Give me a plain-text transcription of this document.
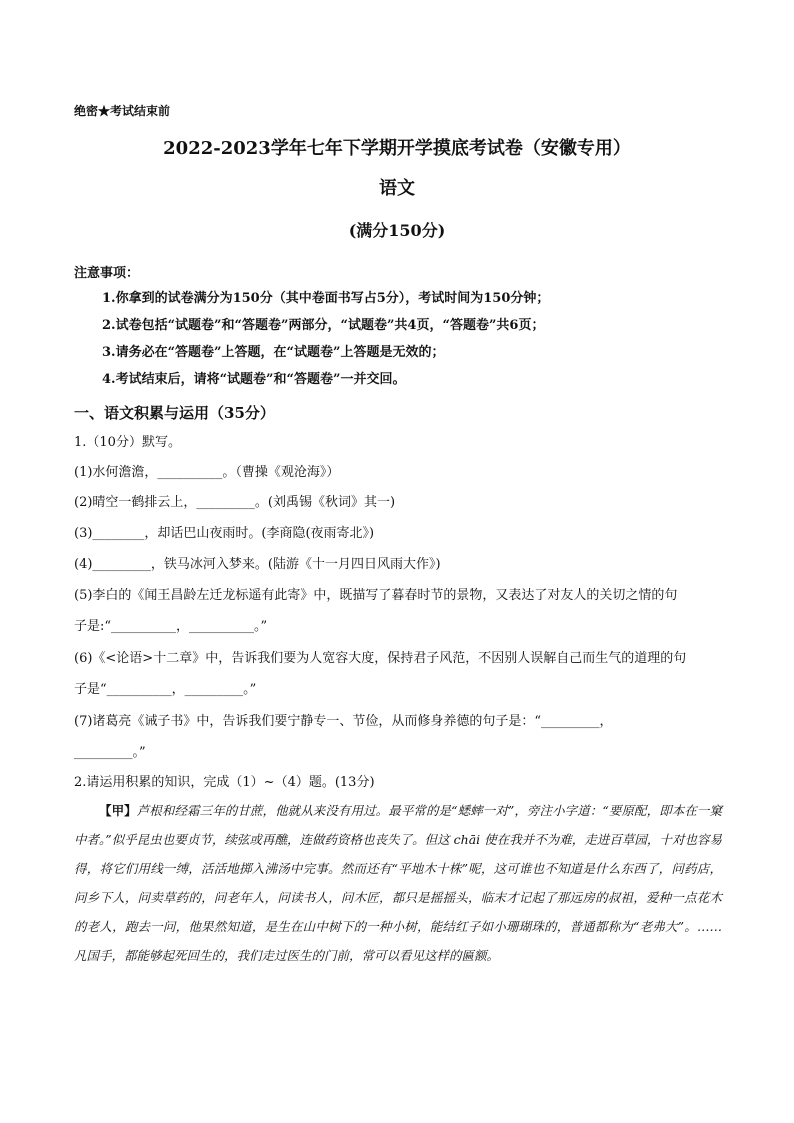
绝密★考试结束前
2022-2023学年七年下学期开学摸底考试卷（安徽专用）
语文
(满分150分)
注意事项：
1.你拿到的试卷满分为150分（其中卷面书写占5分），考试时间为150分钟；
2.试卷包括“试题卷”和“答题卷”两部分，“试题卷”共4页，“答题卷”共6页；
3.请务必在“答题卷”上答题，在“试题卷”上答题是无效的；
4.考试结束后，请将“试题卷”和“答题卷”一并交回。
一、语文积累与运用（35分）
1.（10分）默写。
(1)水何澹澹，__________。（曹操《观沧海》）
(2)晴空一鹤排云上，_________。(刘禹锡《秋词》其一)
(3)________，却话巴山夜雨时。(李商隐(夜雨寄北》)
(4)_________，铁马冰河入梦来。(陆游《十一月四日风雨大作》)
(5)李白的《闻王昌龄左迁龙标遥有此寄》中，既描写了暮春时节的景物，又表达了对友人的关切之情的句
子是:“__________，__________。”
(6)《<论语>十二章》中，告诉我们要为人宽容大度，保持君子风范，不因别人误解自己而生气的道理的句
子是“__________，_________。”
(7)诸葛亮《诫子书》中，告诉我们要宁静专一、节俭，从而修身养德的句子是：“_________，
_________。”
2.请运用积累的知识，完成（1）~（4）题。(13分)
【甲】芦根和经霜三年的甘蔗，他就从来没有用过。最平常的是“蟋蟀一对”，旁注小字道：“要原配，即本在一窠中者。”似乎昆虫也要贞节，续弦或再醮，连做药资格也丧失了。但这 chāi 使在我并不为难，走进百草园，十对也容易得，将它们用线一缚，活活地掷入沸汤中完事。然而还有“平地木十株”呢，这可谁也不知道是什么东西了，问药店，问乡下人，问卖草药的，问老年人，问读书人，问木匠，都只是摇摇头，临末才记起了那远房的叔祖，爱种一点花木的老人，跑去一问，他果然知道，是生在山中树下的一种小树，能结红子如小珊瑚珠的，普通都称为“老弗大”。……凡国手，都能够起死回生的，我们走过医生的门前，常可以看见这样的匾额。
